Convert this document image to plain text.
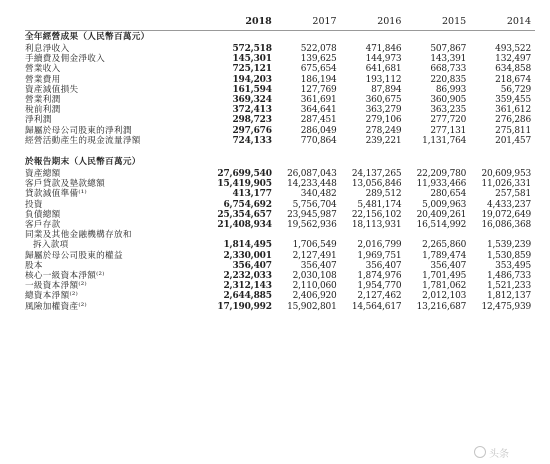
	2018	2017	2016	2015	2014
全年經營成果（人民幣百萬元）					
利息淨收入	572,518	522,078	471,846	507,867	493,522
手續費及佣金淨收入	145,301	139,625	144,973	143,391	132,497
營業收入	725,121	675,654	641,681	668,733	634,858
營業費用	194,203	186,194	193,112	220,835	218,674
資產減值損失	161,594	127,769	87,894	86,993	56,729
營業利潤	369,324	361,691	360,675	360,905	359,455
稅前利潤	372,413	364,641	363,279	363,235	361,612
淨利潤	298,723	287,451	279,106	277,720	276,286
歸屬於母公司股東的淨利潤	297,676	286,049	278,249	277,131	275,811
經營活動產生的現金流量淨額	724,133	770,864	239,221	1,131,764	201,457

於報告期末（人民幣百萬元）					
資產總額	27,699,540	26,087,043	24,137,265	22,209,780	20,609,953
客戶貸款及墊款總額	15,419,905	14,233,448	13,056,846	11,933,466	11,026,331
貸款減值準備⁽¹⁾	413,177	340,482	289,512	280,654	257,581
投資	6,754,692	5,756,704	5,481,174	5,009,963	4,433,237
負債總額	25,354,657	23,945,987	22,156,102	20,409,261	19,072,649
客戶存款	21,408,934	19,562,936	18,113,931	16,514,992	16,086,368
同業及其他金融機構存放和					
拆入款項	1,814,495	1,706,549	2,016,799	2,265,860	1,539,239
歸屬於母公司股東的權益	2,330,001	2,127,491	1,969,751	1,789,474	1,530,859
股本	356,407	356,407	356,407	356,407	353,495
核心一級資本淨額⁽²⁾	2,232,033	2,030,108	1,874,976	1,701,495	1,486,733
一級資本淨額⁽²⁾	2,312,143	2,110,060	1,954,770	1,781,062	1,521,233
總資本淨額⁽²⁾	2,644,885	2,406,920	2,127,462	2,012,103	1,812,137
風險加權資產⁽²⁾	17,190,992	15,902,801	14,564,617	13,216,687	12,475,939
头条
